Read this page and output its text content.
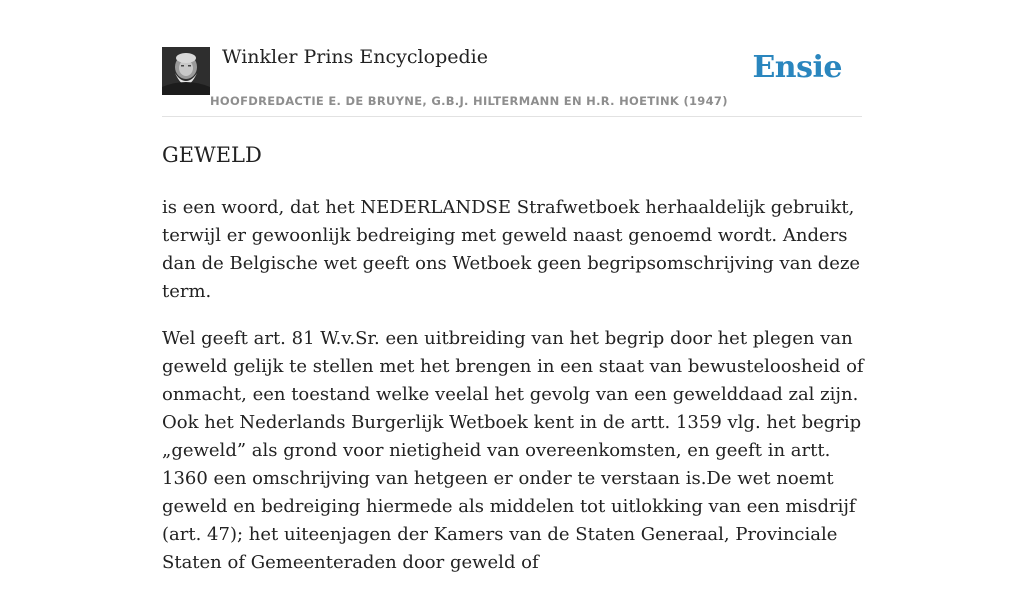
Winkler Prins Encyclopedie	Ensie
HOOFDREDACTIE E. DE BRUYNE, G.B.J. HILTERMANN EN H.R. HOETINK (1947)
GEWELD

is een woord, dat het NEDERLANDSE Strafwetboek herhaaldelijk gebruikt, terwijl er gewoonlijk bedreiging met geweld naast genoemd wordt. Anders dan de Belgische wet geeft ons Wetboek geen begripsomschrijving van deze term.

Wel geeft art. 81 W.v.Sr. een uitbreiding van het begrip door het plegen van geweld gelijk te stellen met het brengen in een staat van bewusteloosheid of onmacht, een toestand welke veelal het gevolg van een gewelddaad zal zijn. Ook het Nederlands Burgerlijk Wetboek kent in de artt. 1359 vlg. het begrip „geweld” als grond voor nietigheid van overeenkomsten, en geeft in artt. 1360 een omschrijving van hetgeen er onder te verstaan is.De wet noemt geweld en bedreiging hiermede als middelen tot uitlokking van een misdrijf (art. 47); het uiteenjagen der Kamers van de Staten Generaal, Provinciale Staten of Gemeenteraden door geweld of
